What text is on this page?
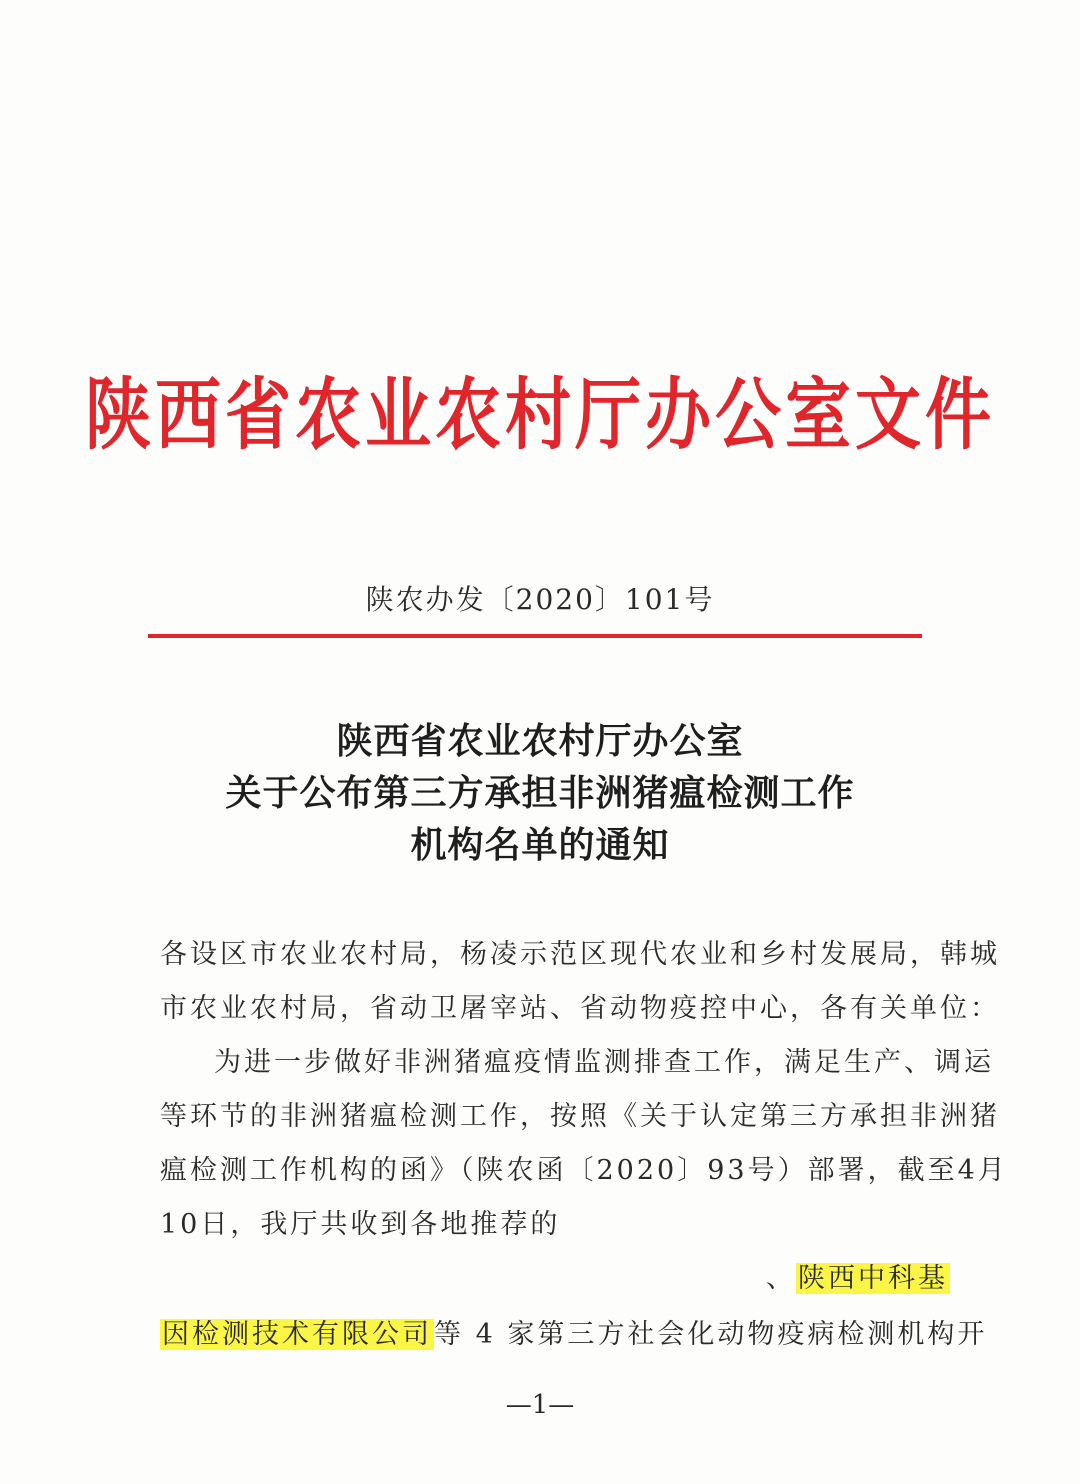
陕西省农业农村厅办公室文件
陕农办发〔2020〕101号
陕西省农业农村厅办公室
关于公布第三方承担非洲猪瘟检测工作
机构名单的通知
各设区市农业农村局，杨凌示范区现代农业和乡村发展局，韩城
市农业农村局，省动卫屠宰站、省动物疫控中心，各有关单位：
为进一步做好非洲猪瘟疫情监测排查工作，满足生产、调运
等环节的非洲猪瘟检测工作，按照《关于认定第三方承担非洲猪
瘟检测工作机构的函》（陕农函〔2020〕93号）部署，截至4月
10日，我厅共收到各地推荐的
、陕西中科基
因检测技术有限公司等 4 家第三方社会化动物疫病检测机构开
—1—
